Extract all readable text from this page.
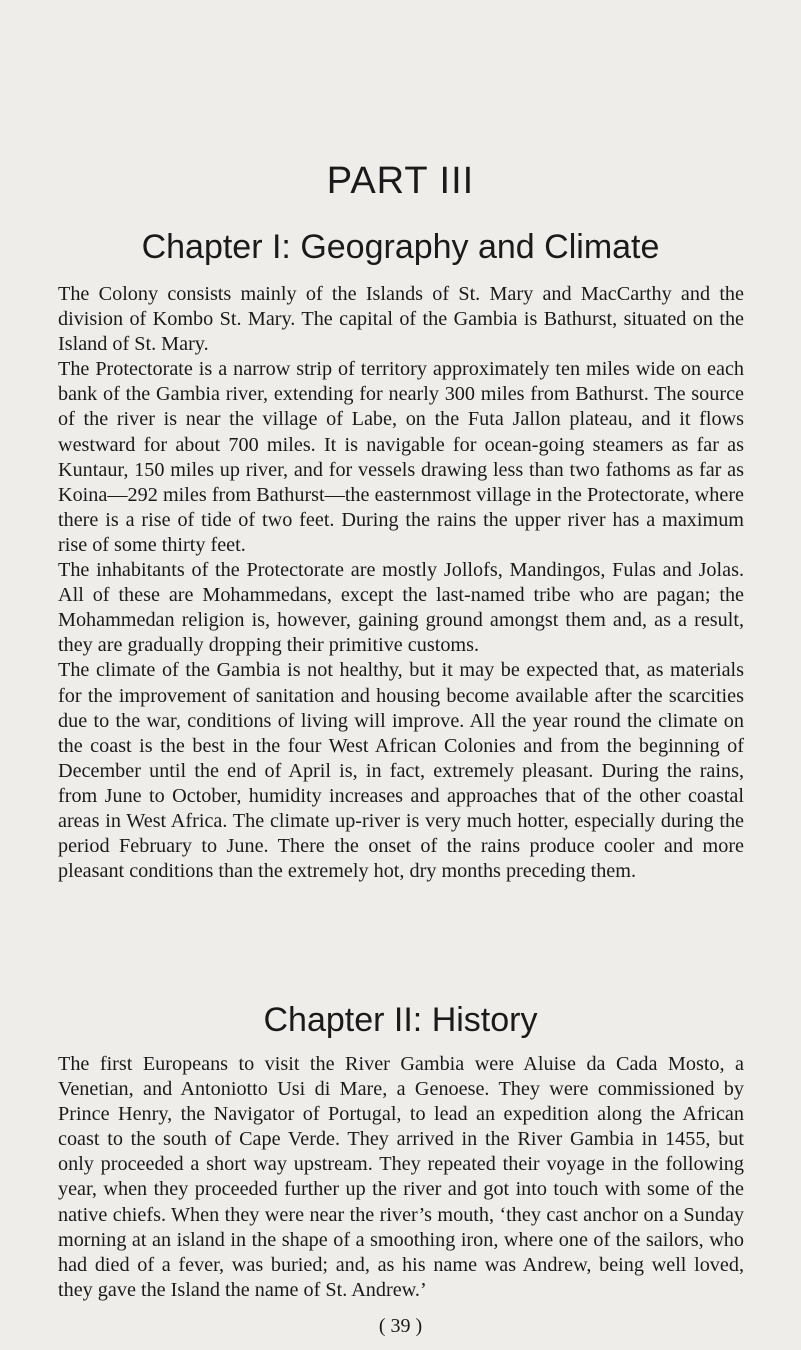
PART III
Chapter I: Geography and Climate

The Colony consists mainly of the Islands of St. Mary and MacCarthy and the division of Kombo St. Mary. The capital of the Gambia is Bathurst, situated on the Island of St. Mary.

The Protectorate is a narrow strip of territory approximately ten miles wide on each bank of the Gambia river, extending for nearly 300 miles from Bathurst. The source of the river is near the village of Labe, on the Futa Jallon plateau, and it flows westward for about 700 miles. It is navigable for ocean-going steamers as far as Kuntaur, 150 miles up river, and for vessels drawing less than two fathoms as far as Koina—292 miles from Bathurst—the easternmost village in the Protectorate, where there is a rise of tide of two feet. During the rains the upper river has a maximum rise of some thirty feet.

The inhabitants of the Protectorate are mostly Jollofs, Mandingos, Fulas and Jolas. All of these are Mohammedans, except the last-named tribe who are pagan; the Mohammedan religion is, however, gaining ground amongst them and, as a result, they are gradually dropping their primitive customs.

The climate of the Gambia is not healthy, but it may be expected that, as materials for the improvement of sanitation and housing become available after the scarcities due to the war, conditions of living will improve. All the year round the climate on the coast is the best in the four West African Colonies and from the beginning of December until the end of April is, in fact, extremely pleasant. During the rains, from June to October, humidity increases and approaches that of the other coastal areas in West Africa. The climate up-river is very much hotter, especially during the period February to June. There the onset of the rains produce cooler and more pleasant conditions than the extremely hot, dry months preceding them.

Chapter II: History

The first Europeans to visit the River Gambia were Aluise da Cada Mosto, a Venetian, and Antoniotto Usi di Mare, a Genoese. They were commissioned by Prince Henry, the Navigator of Portugal, to lead an expedition along the African coast to the south of Cape Verde. They arrived in the River Gambia in 1455, but only proceeded a short way upstream. They repeated their voyage in the following year, when they proceeded further up the river and got into touch with some of the native chiefs. When they were near the river’s mouth, ‘they cast anchor on a Sunday morning at an island in the shape of a smoothing iron, where one of the sailors, who had died of a fever, was buried; and, as his name was Andrew, being well loved, they gave the Island the name of St. Andrew.’

( 39 )
